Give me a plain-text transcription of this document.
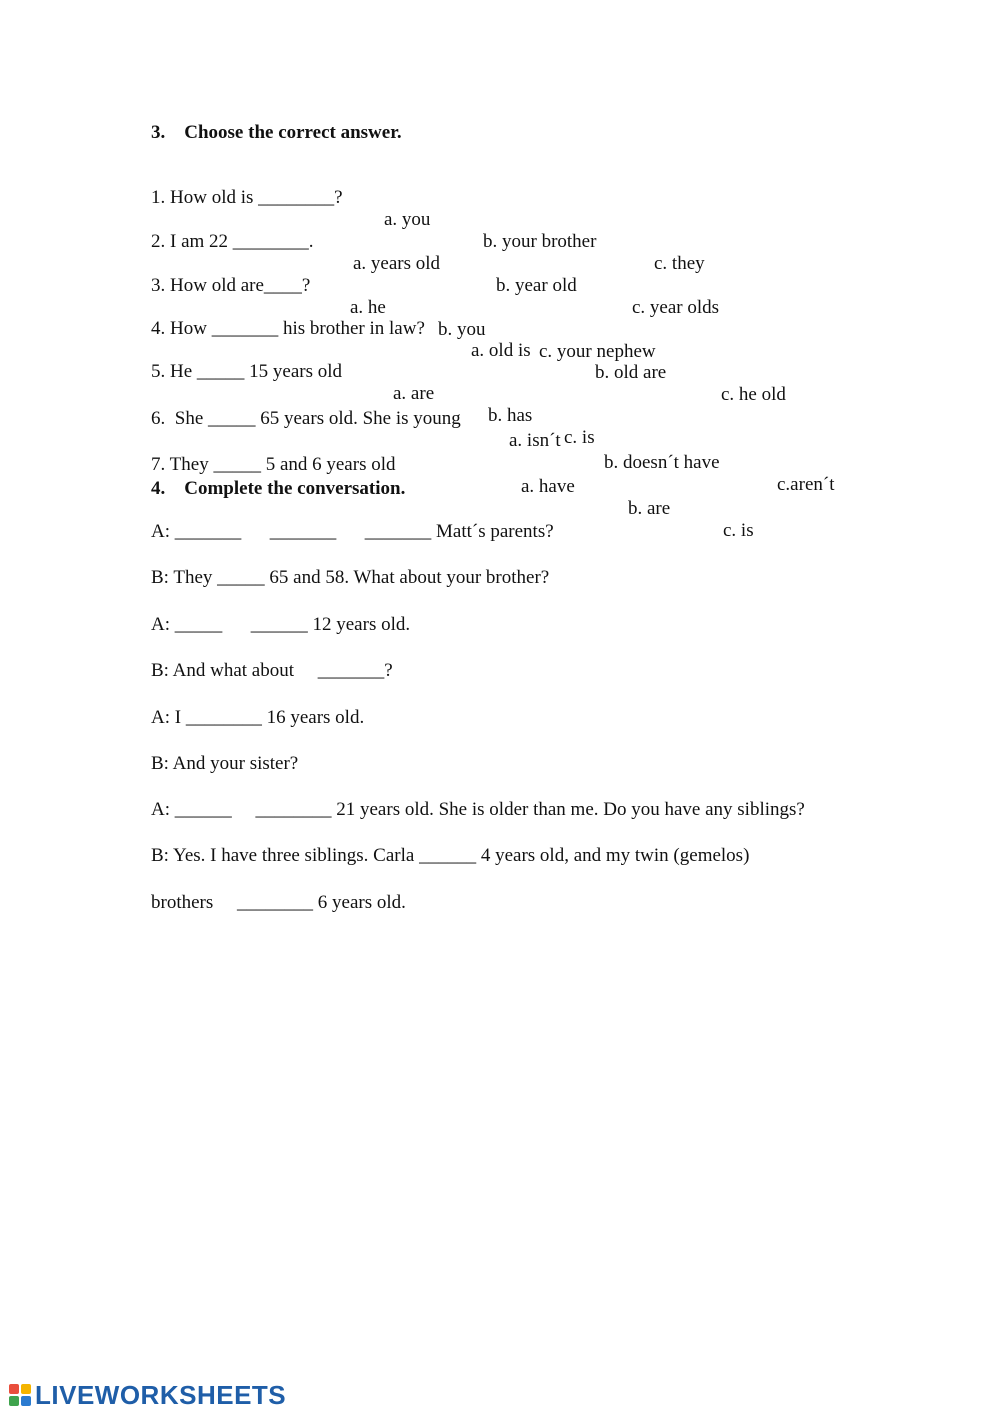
3.    Choose the correct answer.

1. How old is ________?

a. you

b. your brother

c. they

2. I am 22 ________.

a. years old

b. year old

c. year olds

3. How old are____?

a. he

b. you

c. your nephew

4. How _______ his brother in law?

a. old is

b. old are

c. he old

5. He _____ 15 years old

a. are

b. has

c. is

6.  She _____ 65 years old. She is young

a. isn´t

b. doesn´t have

c.aren´t

7. They _____ 5 and 6 years old

a. have

b. are

c. is

4.    Complete the conversation.
A: _______      _______      _______ Matt´s parents?
B: They _____ 65 and 58. What about your brother?
A: _____      ______ 12 years old.
B: And what about     _______?
A: I ________ 16 years old.
B: And your sister?
A: ______     ________ 21 years old. She is older than me. Do you have any siblings?
B: Yes. I have three siblings. Carla ______ 4 years old, and my twin (gemelos)
brothers     ________ 6 years old.
LIVEWORKSHEETS
